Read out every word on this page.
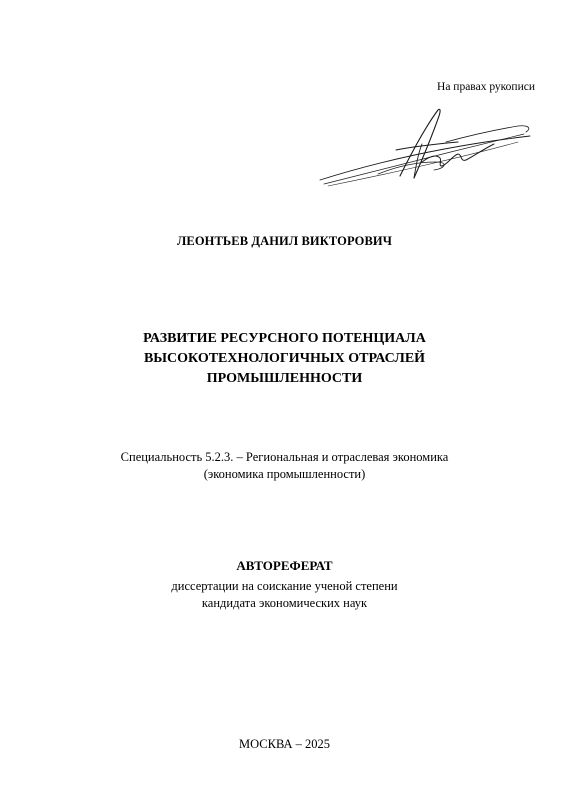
На правах рукописи
ЛЕОНТЬЕВ ДАНИЛ ВИКТОРОВИЧ
РАЗВИТИЕ РЕСУРСНОГО ПОТЕНЦИАЛА
ВЫСОКОТЕХНОЛОГИЧНЫХ ОТРАСЛЕЙ
ПРОМЫШЛЕННОСТИ
Специальность 5.2.3. – Региональная и отраслевая экономика
(экономика промышленности)
АВТОРЕФЕРАТ
диссертации на соискание ученой степени
кандидата экономических наук
МОСКВА – 2025
